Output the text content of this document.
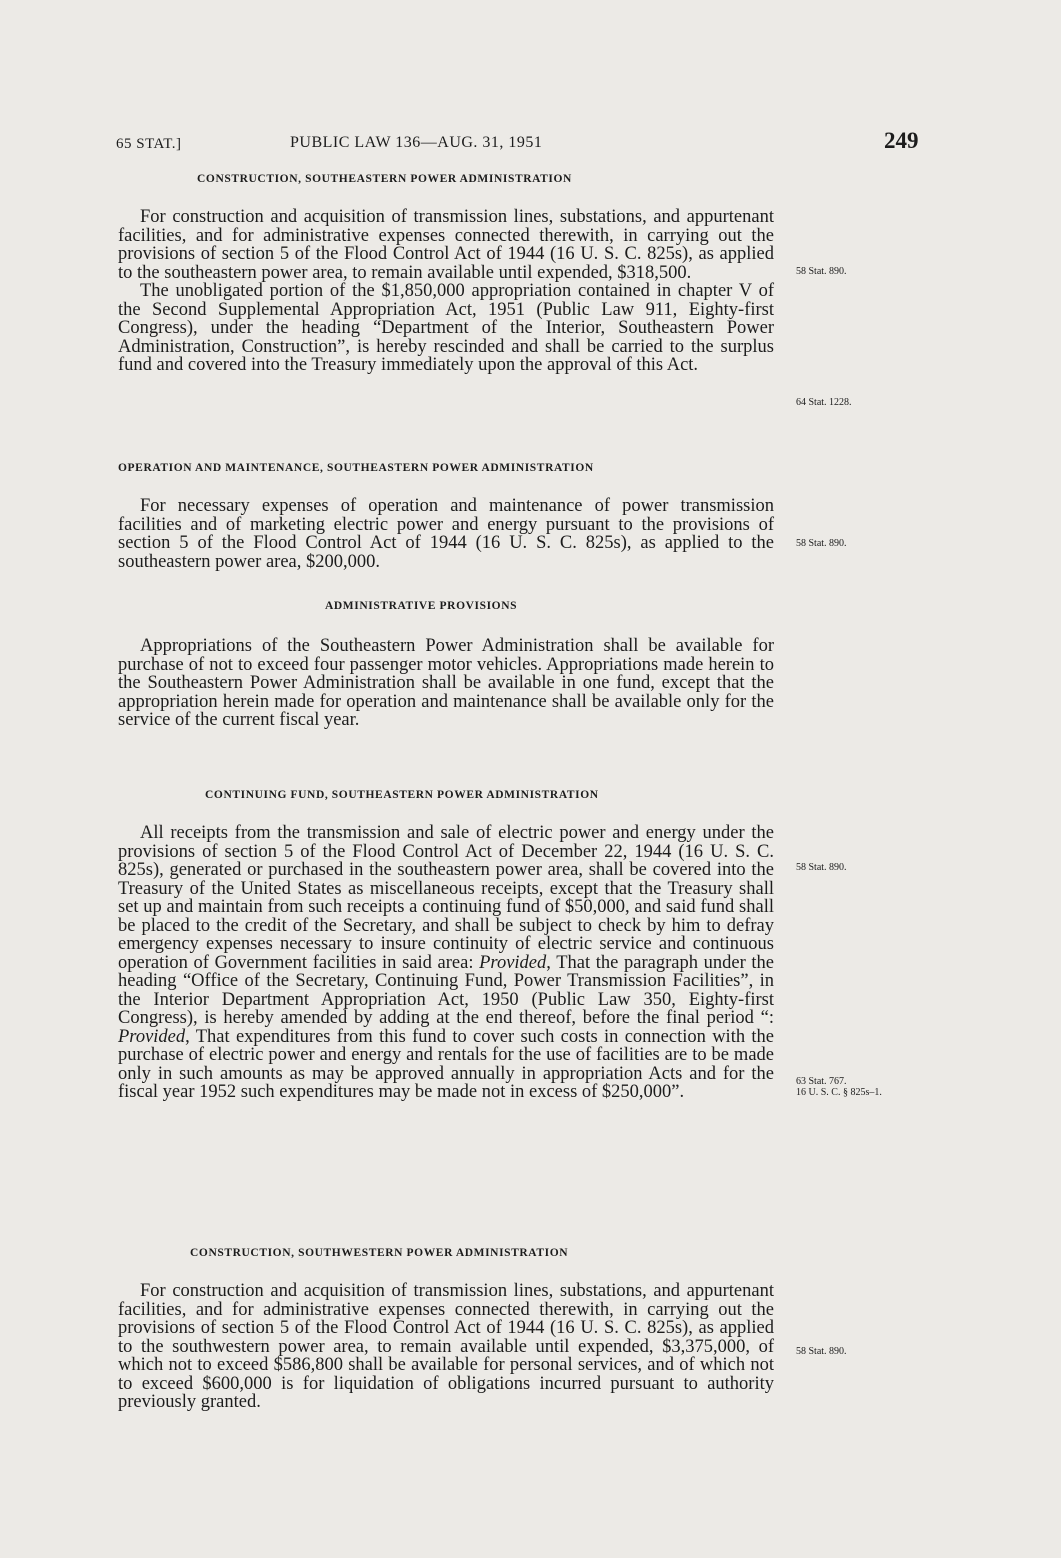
65 STAT.]	PUBLIC LAW 136—AUG. 31, 1951	249
CONSTRUCTION, SOUTHEASTERN POWER ADMINISTRATION

For construction and acquisition of transmission lines, substations, and appurtenant facilities, and for administrative expenses connected therewith, in carrying out the provisions of section 5 of the Flood Control Act of 1944 (16 U. S. C. 825s), as applied to the southeastern power area, to remain available until expended, $318,500.

The unobligated portion of the $1,850,000 appropriation contained in chapter V of the Second Supplemental Appropriation Act, 1951 (Public Law 911, Eighty-first Congress), under the heading “Department of the Interior, Southeastern Power Administration, Construction”, is hereby rescinded and shall be carried to the surplus fund and covered into the Treasury immediately upon the approval of this Act.

58 Stat. 890.
64 Stat. 1228.
OPERATION AND MAINTENANCE, SOUTHEASTERN POWER ADMINISTRATION

For necessary expenses of operation and maintenance of power transmission facilities and of marketing electric power and energy pursuant to the provisions of section 5 of the Flood Control Act of 1944 (16 U. S. C. 825s), as applied to the southeastern power area, $200,000.

58 Stat. 890.
ADMINISTRATIVE PROVISIONS

Appropriations of the Southeastern Power Administration shall be available for purchase of not to exceed four passenger motor vehicles. Appropriations made herein to the Southeastern Power Administration shall be available in one fund, except that the appropriation herein made for operation and maintenance shall be available only for the service of the current fiscal year.

CONTINUING FUND, SOUTHEASTERN POWER ADMINISTRATION

All receipts from the transmission and sale of electric power and energy under the provisions of section 5 of the Flood Control Act of December 22, 1944 (16 U. S. C. 825s), generated or purchased in the southeastern power area, shall be covered into the Treasury of the United States as miscellaneous receipts, except that the Treasury shall set up and maintain from such receipts a continuing fund of $50,000, and said fund shall be placed to the credit of the Secretary, and shall be subject to check by him to defray emergency expenses necessary to insure continuity of electric service and continuous operation of Government facilities in said area: Provided, That the paragraph under the heading “Office of the Secretary, Continuing Fund, Power Transmission Facilities”, in the Interior Department Appropriation Act, 1950 (Public Law 350, Eighty-first Congress), is hereby amended by adding at the end thereof, before the final period “: Provided, That expenditures from this fund to cover such costs in connection with the purchase of electric power and energy and rentals for the use of facilities are to be made only in such amounts as may be approved annually in appropriation Acts and for the fiscal year 1952 such expenditures may be made not in excess of $250,000”.

58 Stat. 890.
63 Stat. 767.
16 U. S. C. § 825s–1.
CONSTRUCTION, SOUTHWESTERN POWER ADMINISTRATION

For construction and acquisition of transmission lines, substations, and appurtenant facilities, and for administrative expenses connected therewith, in carrying out the provisions of section 5 of the Flood Control Act of 1944 (16 U. S. C. 825s), as applied to the southwestern power area, to remain available until expended, $3,375,000, of which not to exceed $586,800 shall be available for personal services, and of which not to exceed $600,000 is for liquidation of obligations incurred pursuant to authority previously granted.

58 Stat. 890.
